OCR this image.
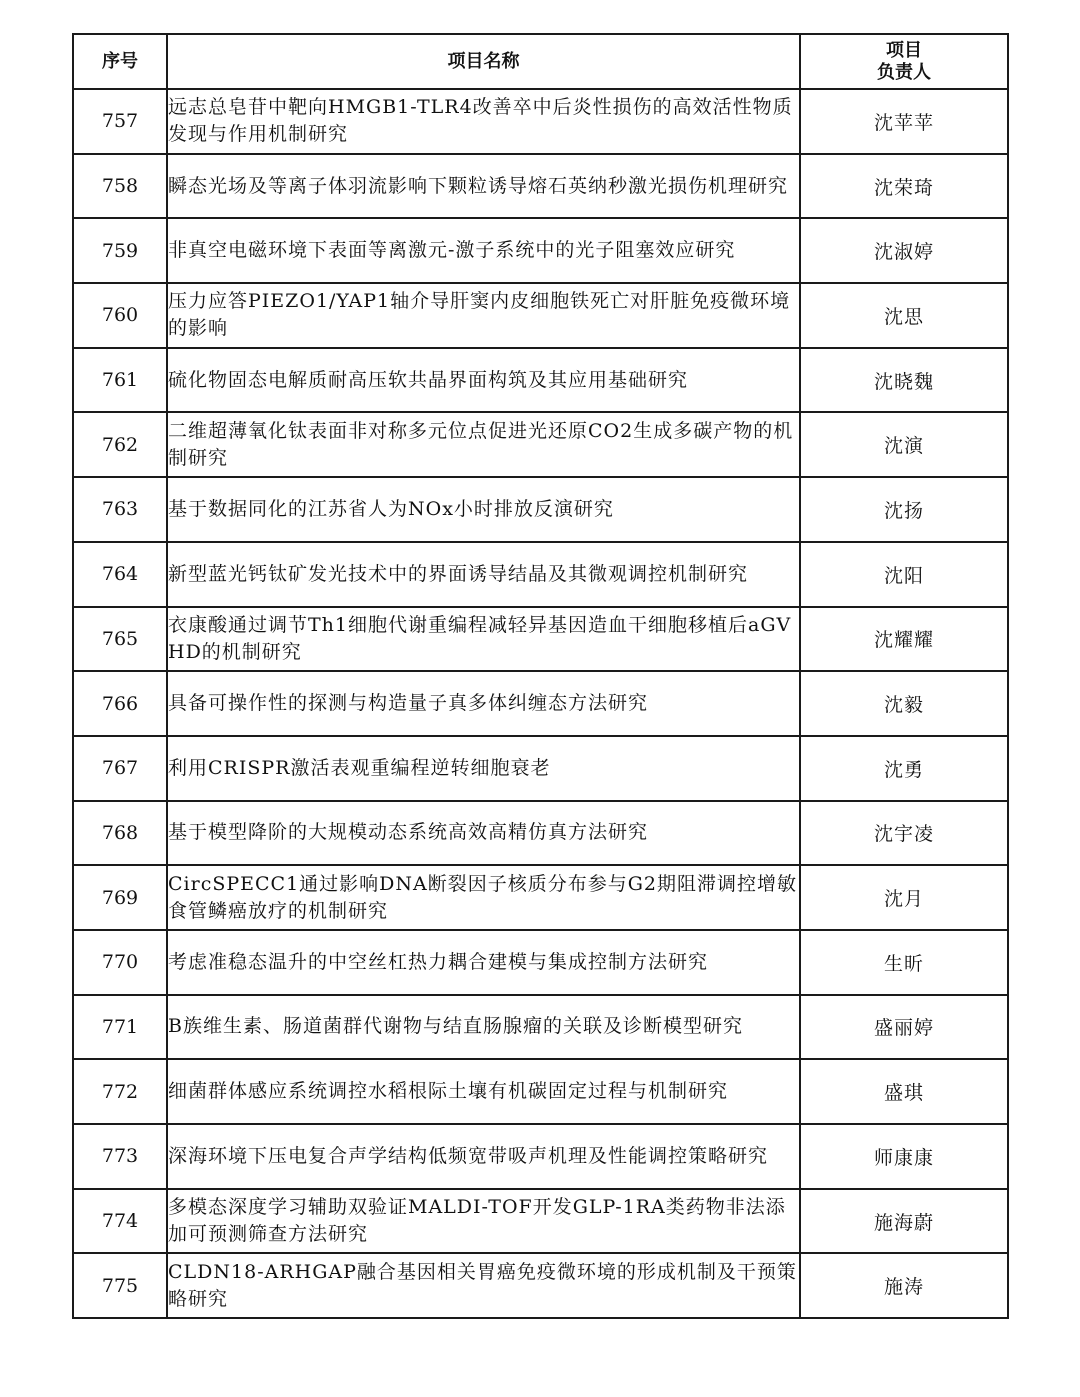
序号	项目名称	项目
负责人

757	远志总皂苷中靶向HMGB1-TLR4改善卒中后炎性损伤的高效活性物质发现与作用机制研究	沈苹苹
758	瞬态光场及等离子体羽流影响下颗粒诱导熔石英纳秒激光损伤机理研究	沈荣琦
759	非真空电磁环境下表面等离激元-激子系统中的光子阻塞效应研究	沈淑婷
760	压力应答PIEZO1/YAP1轴介导肝窦内皮细胞铁死亡对肝脏免疫微环境的影响	沈思
761	硫化物固态电解质耐高压软共晶界面构筑及其应用基础研究	沈晓魏
762	二维超薄氧化钛表面非对称多元位点促进光还原CO2生成多碳产物的机制研究	沈演
763	基于数据同化的江苏省人为NOx小时排放反演研究	沈扬
764	新型蓝光钙钛矿发光技术中的界面诱导结晶及其微观调控机制研究	沈阳
765	衣康酸通过调节Th1细胞代谢重编程减轻异基因造血干细胞移植后aGVHD的机制研究	沈耀耀
766	具备可操作性的探测与构造量子真多体纠缠态方法研究	沈毅
767	利用CRISPR激活表观重编程逆转细胞衰老	沈勇
768	基于模型降阶的大规模动态系统高效高精仿真方法研究	沈宇凌
769	CircSPECC1通过影响DNA断裂因子核质分布参与G2期阻滞调控增敏食管鳞癌放疗的机制研究	沈月
770	考虑准稳态温升的中空丝杠热力耦合建模与集成控制方法研究	生昕
771	B族维生素、肠道菌群代谢物与结直肠腺瘤的关联及诊断模型研究	盛丽婷
772	细菌群体感应系统调控水稻根际土壤有机碳固定过程与机制研究	盛琪
773	深海环境下压电复合声学结构低频宽带吸声机理及性能调控策略研究	师康康
774	多模态深度学习辅助双验证MALDI-TOF开发GLP-1RA类药物非法添加可预测筛查方法研究	施海蔚
775	CLDN18-ARHGAP融合基因相关胃癌免疫微环境的形成机制及干预策略研究	施涛
